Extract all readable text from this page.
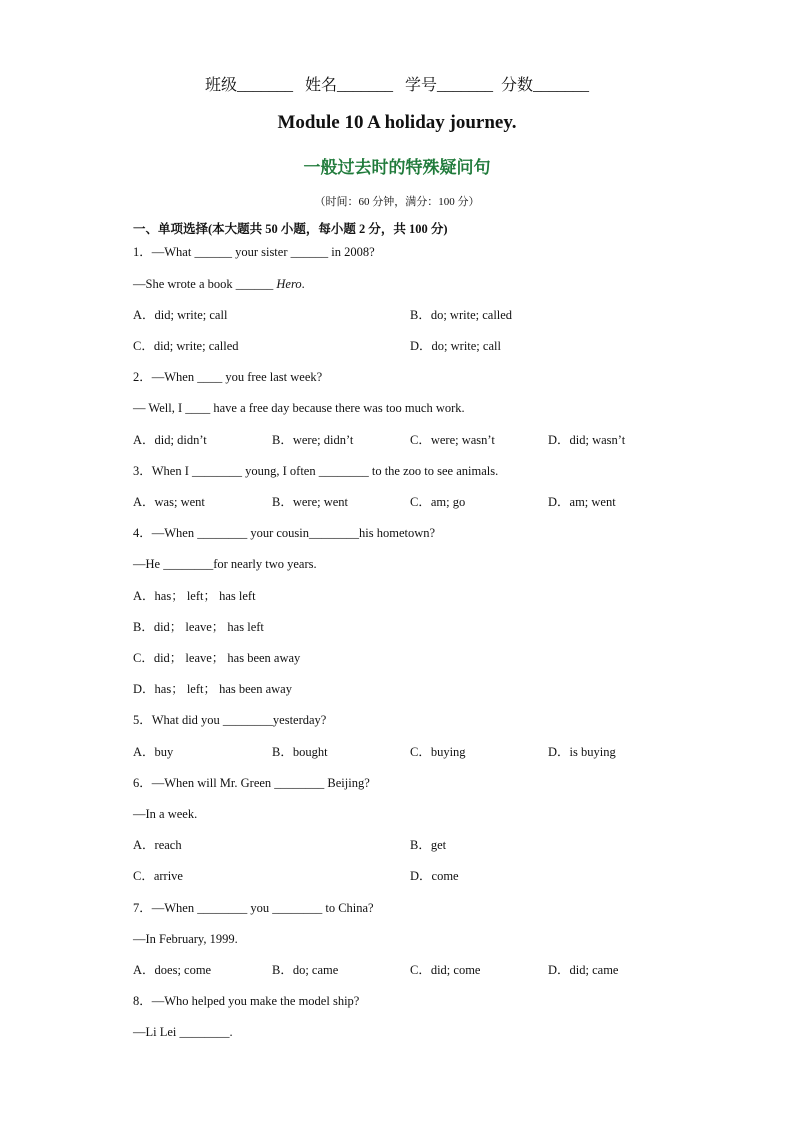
班级_______   姓名_______   学号_______  分数_______
Module 10 A holiday journey.
一般过去时的特殊疑问句
（时间：60 分钟，满分：100 分）
一、单项选择(本大题共 50 小题，每小题 2 分，共 100 分)
1．—What ______ your sister ______ in 2008?
—She wrote a book ______ Hero.
A．did; write; call	B．do; write; called
C．did; write; called	D．do; write; call
2．—When ____ you free last week?
— Well, I ____ have a free day because there was too much work.
A．did; didn’t	B．were; didn’t	C．were; wasn’t	D．did; wasn’t
3．When I ________ young, I often ________ to the zoo to see animals.
A．was; went	B．were; went	C．am; go	D．am; went
4．—When ________ your cousin________his hometown?
—He ________for nearly two years.
A．has； left； has left
B．did； leave； has left
C．did； leave； has been away
D．has； left； has been away
5．What did you ________yesterday?
A．buy	B．bought	C．buying	D．is buying
6．—When will Mr. Green ________ Beijing?
—In a week.
A．reach	B．get
C．arrive	D．come
7．—When ________ you ________ to China?
—In February, 1999.
A．does; come	B．do; came	C．did; come	D．did; came
8．—Who helped you make the model ship?
—Li Lei ________.
